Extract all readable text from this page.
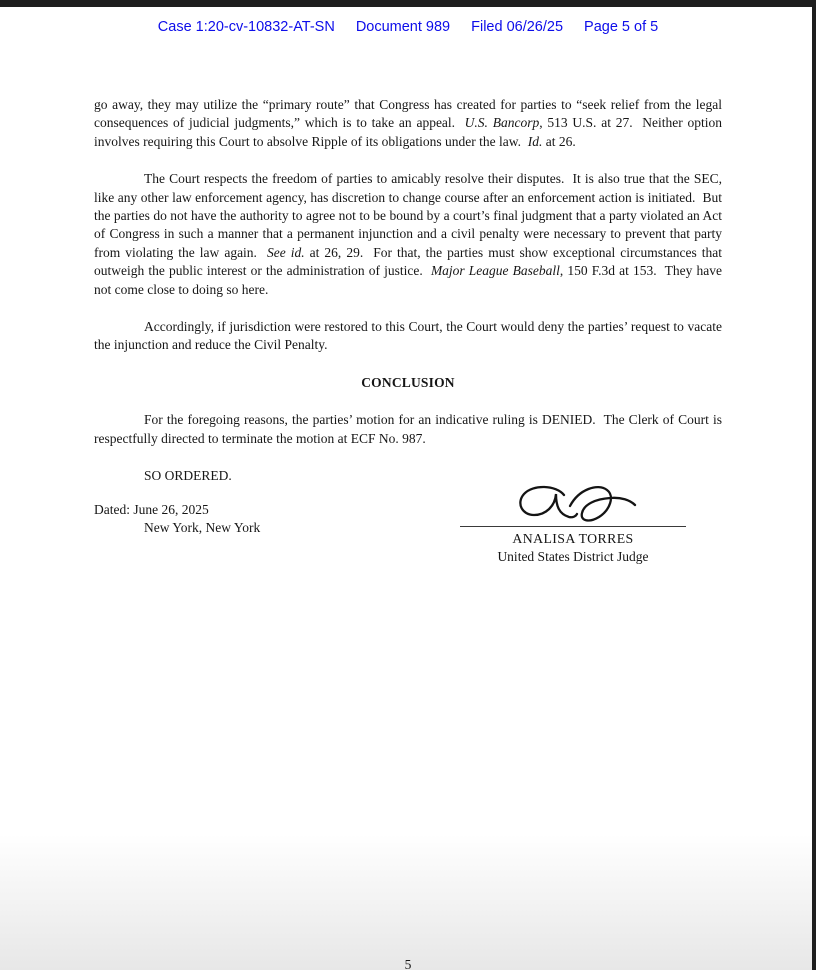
Case 1:20-cv-10832-AT-SN Document 989 Filed 06/26/25 Page 5 of 5

go away, they may utilize the “primary route” that Congress has created for parties to “seek relief from the legal consequences of judicial judgments,” which is to take an appeal.  U.S. Bancorp, 513 U.S. at 27.  Neither option involves requiring this Court to absolve Ripple of its obligations under the law.  Id. at 26.

The Court respects the freedom of parties to amicably resolve their disputes.  It is also true that the SEC, like any other law enforcement agency, has discretion to change course after an enforcement action is initiated.  But the parties do not have the authority to agree not to be bound by a court’s final judgment that a party violated an Act of Congress in such a manner that a permanent injunction and a civil penalty were necessary to prevent that party from violating the law again.  See id. at 26, 29.  For that, the parties must show exceptional circumstances that outweigh the public interest or the administration of justice.  Major League Baseball, 150 F.3d at 153.  They have not come close to doing so here.

Accordingly, if jurisdiction were restored to this Court, the Court would deny the parties’ request to vacate the injunction and reduce the Civil Penalty.

CONCLUSION

For the foregoing reasons, the parties’ motion for an indicative ruling is DENIED.  The Clerk of Court is respectfully directed to terminate the motion at ECF No. 987.

SO ORDERED.

Dated: June 26, 2025
New York, New York
ANALISA TORRES
United States District Judge
5
